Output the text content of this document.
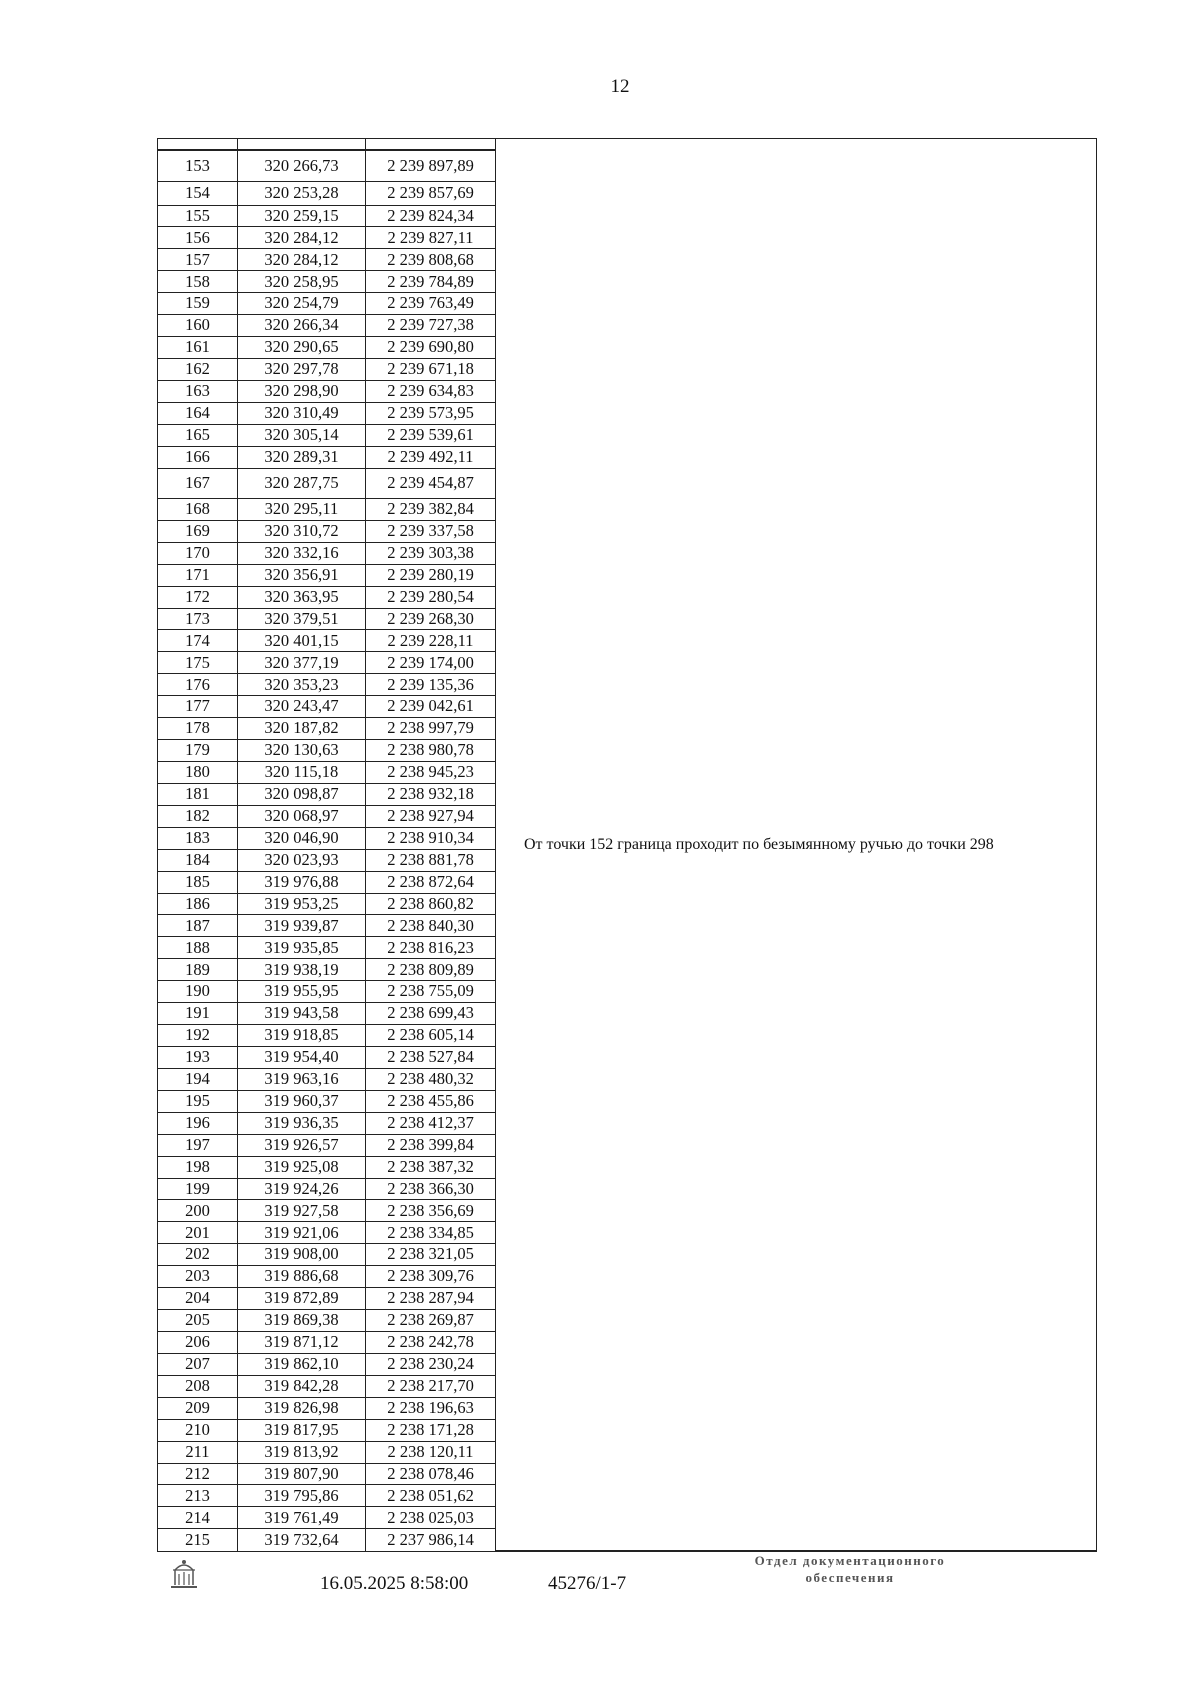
12
			От точки 152 граница проходит по безымянному ручью до точки 298
153	320 266,73	2 239 897,89	
154	320 253,28	2 239 857,69	
155	320 259,15	2 239 824,34	
156	320 284,12	2 239 827,11	
157	320 284,12	2 239 808,68	
158	320 258,95	2 239 784,89	
159	320 254,79	2 239 763,49	
160	320 266,34	2 239 727,38	
161	320 290,65	2 239 690,80	
162	320 297,78	2 239 671,18	
163	320 298,90	2 239 634,83	
164	320 310,49	2 239 573,95	
165	320 305,14	2 239 539,61	
166	320 289,31	2 239 492,11	
167	320 287,75	2 239 454,87	
168	320 295,11	2 239 382,84	
169	320 310,72	2 239 337,58	
170	320 332,16	2 239 303,38	
171	320 356,91	2 239 280,19	
172	320 363,95	2 239 280,54	
173	320 379,51	2 239 268,30	
174	320 401,15	2 239 228,11	
175	320 377,19	2 239 174,00	
176	320 353,23	2 239 135,36	
177	320 243,47	2 239 042,61	
178	320 187,82	2 238 997,79	
179	320 130,63	2 238 980,78	
180	320 115,18	2 238 945,23	
181	320 098,87	2 238 932,18	
182	320 068,97	2 238 927,94	
183	320 046,90	2 238 910,34	
184	320 023,93	2 238 881,78	
185	319 976,88	2 238 872,64	
186	319 953,25	2 238 860,82	
187	319 939,87	2 238 840,30	
188	319 935,85	2 238 816,23	
189	319 938,19	2 238 809,89	
190	319 955,95	2 238 755,09	
191	319 943,58	2 238 699,43	
192	319 918,85	2 238 605,14	
193	319 954,40	2 238 527,84	
194	319 963,16	2 238 480,32	
195	319 960,37	2 238 455,86	
196	319 936,35	2 238 412,37	
197	319 926,57	2 238 399,84	
198	319 925,08	2 238 387,32	
199	319 924,26	2 238 366,30	
200	319 927,58	2 238 356,69	
201	319 921,06	2 238 334,85	
202	319 908,00	2 238 321,05	
203	319 886,68	2 238 309,76	
204	319 872,89	2 238 287,94	
205	319 869,38	2 238 269,87	
206	319 871,12	2 238 242,78	
207	319 862,10	2 238 230,24	
208	319 842,28	2 238 217,70	
209	319 826,98	2 238 196,63	
210	319 817,95	2 238 171,28	
211	319 813,92	2 238 120,11	
212	319 807,90	2 238 078,46	
213	319 795,86	2 238 051,62	
214	319 761,49	2 238 025,03	
215	319 732,64	2 237 986,14	
16.05.2025 8:58:00	45276/1-7
Отдел документационного
обеспечения
